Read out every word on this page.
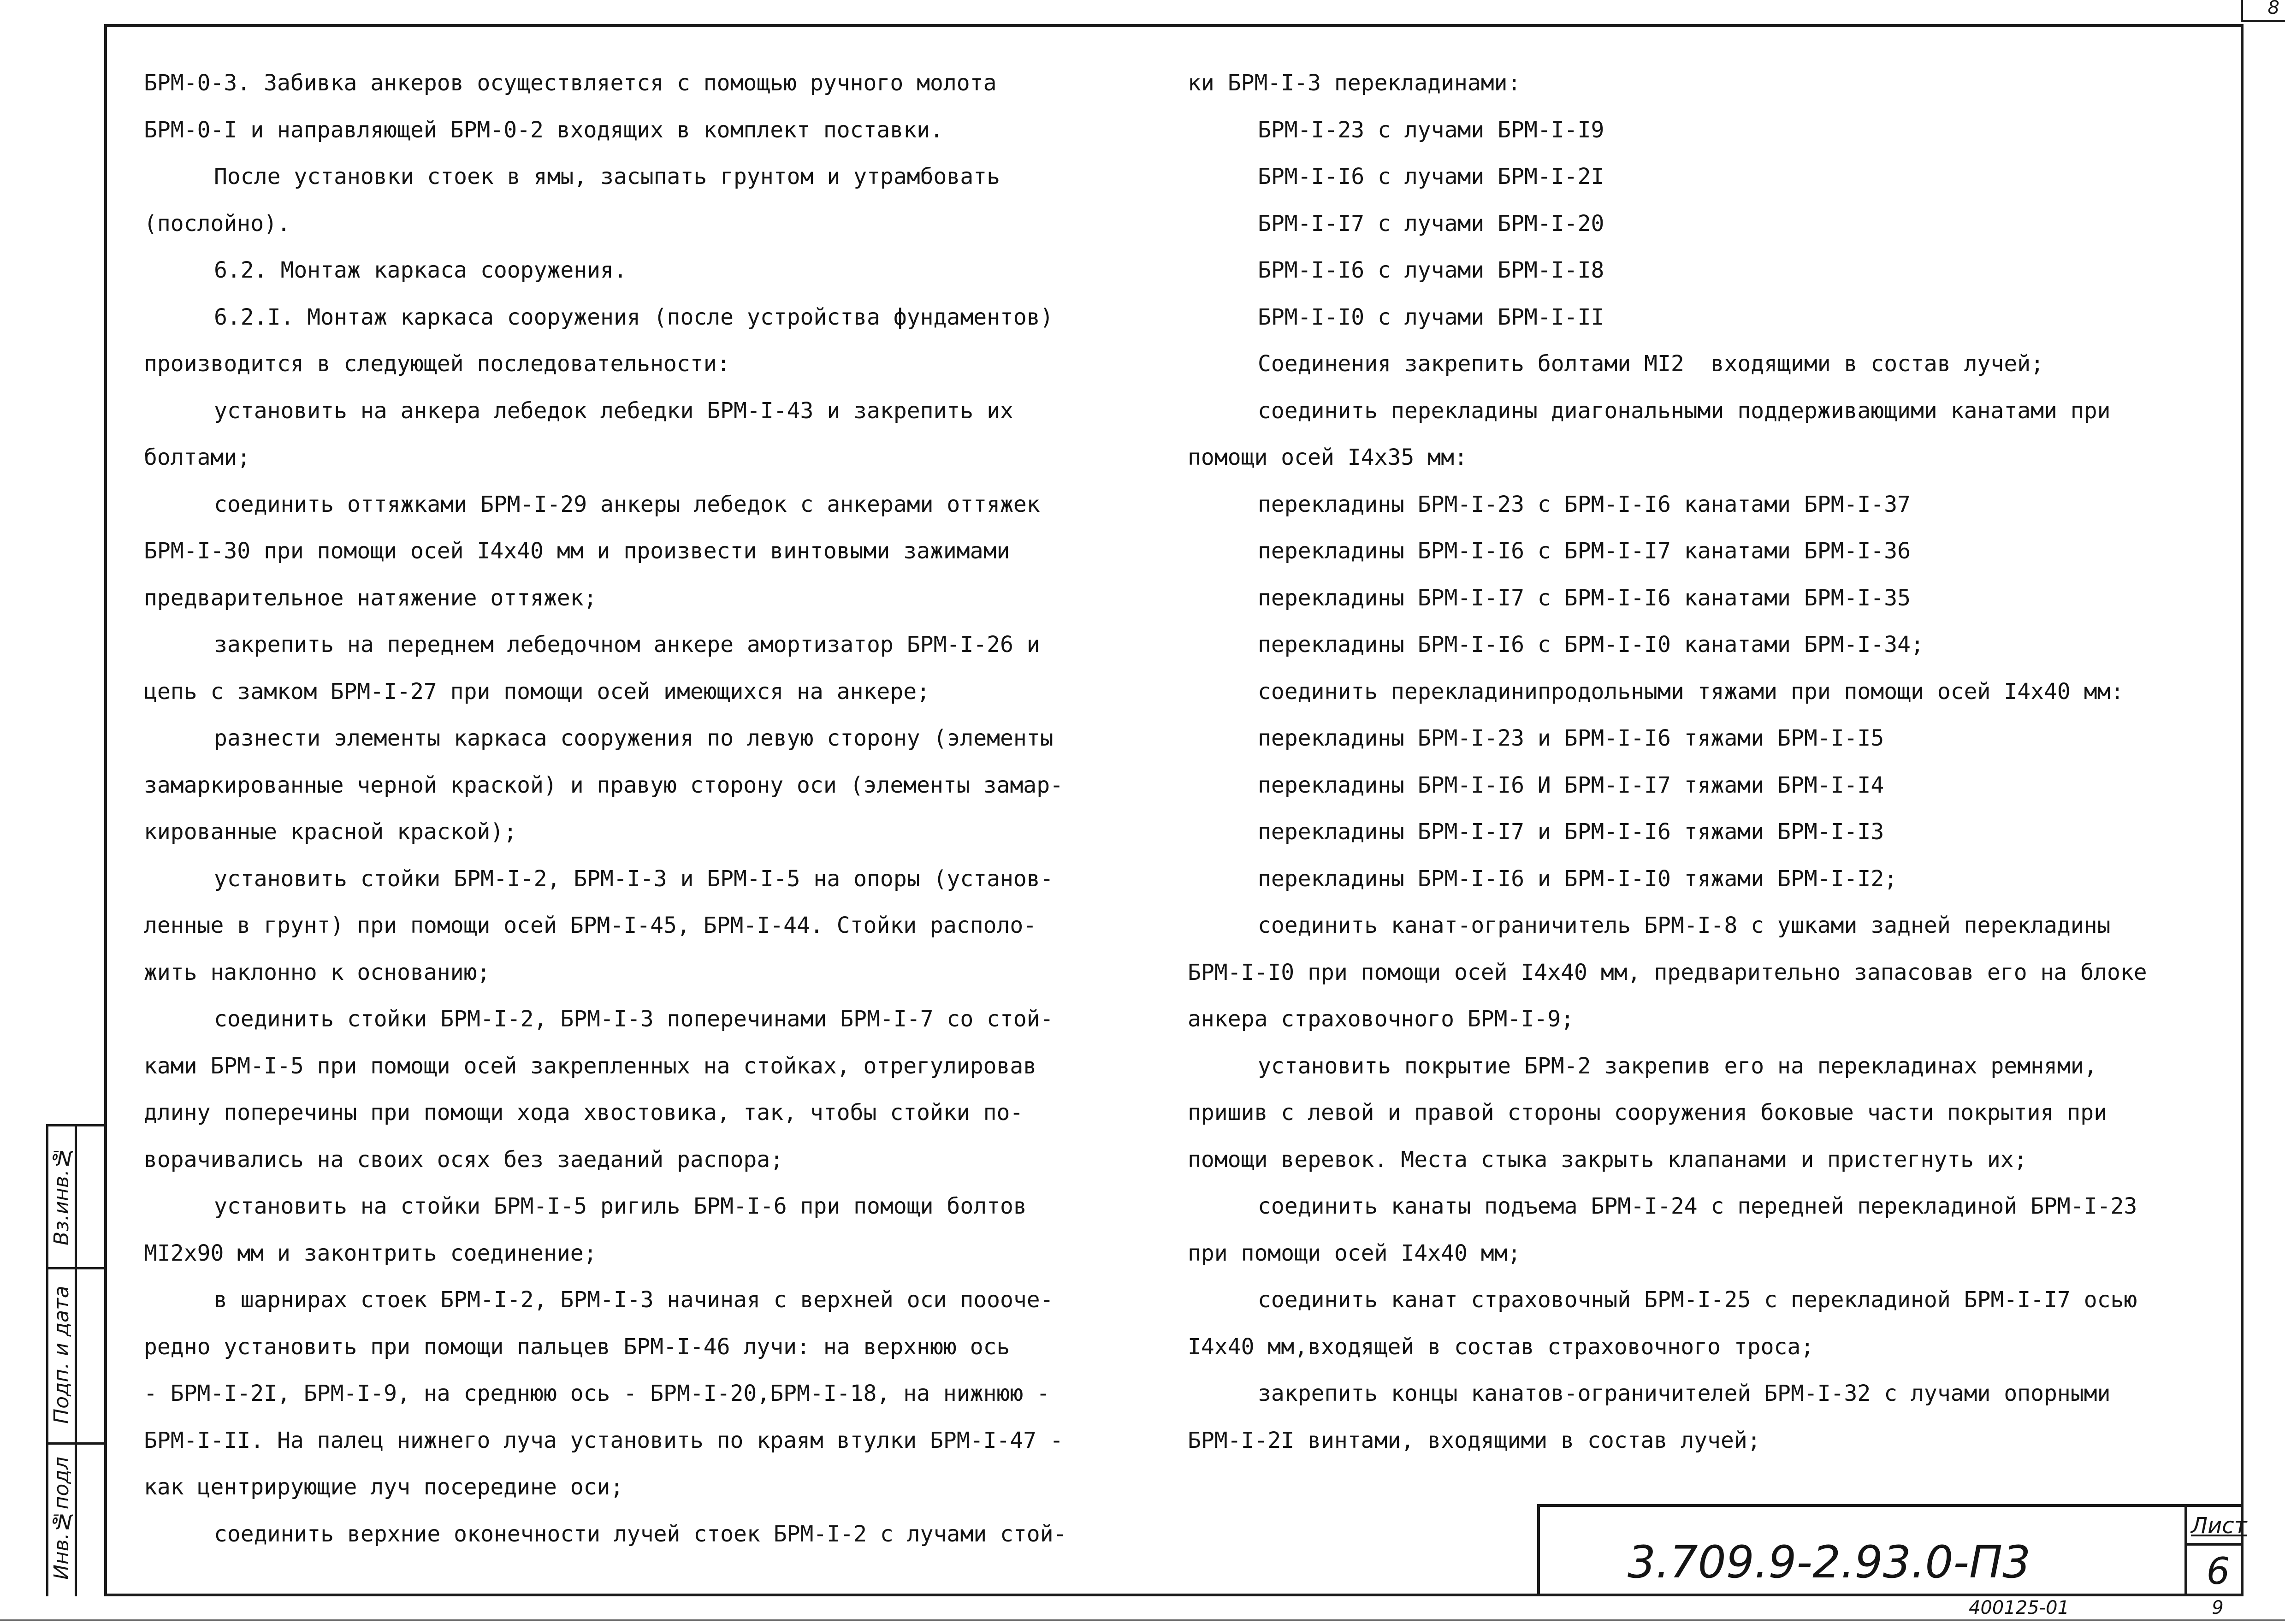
8
Инв.№подл
Подп. и дата
Вз.инв.№
БРМ-0-3. Забивка анкеров осуществляется с помощью ручного молота
БРМ-0-I и направляющей БРМ-0-2 входящих в комплект поставки.
После установки стоек в ямы, засыпать грунтом и утрамбовать
(послойно).
6.2. Монтаж каркаса сооружения.
6.2.I. Монтаж каркаса сооружения (после устройства фундаментов)
производится в следующей последовательности:
установить на анкера лебедок лебедки БРМ-I-43 и закрепить их
болтами;
соединить оттяжками БРМ-I-29 анкеры лебедок с анкерами оттяжек
БРМ-I-30 при помощи осей I4x40 мм и произвести винтовыми зажимами
предварительное натяжение оттяжек;
закрепить на переднем лебедочном анкере амортизатор БРМ-I-26 и
цепь с замком БРМ-I-27 при помощи осей имеющихся на анкере;
разнести элементы каркаса сооружения по левую сторону (элементы
замаркированные черной краской) и правую сторону оси (элементы замар-
кированные красной краской);
установить стойки БРМ-I-2, БРМ-I-3 и БРМ-I-5 на опоры (установ-
ленные в грунт) при помощи осей БРМ-I-45, БРМ-I-44. Стойки располо-
жить наклонно к основанию;
соединить стойки БРМ-I-2, БРМ-I-3 поперечинами БРМ-I-7 со стой-
ками БРМ-I-5 при помощи осей закрепленных на стойках, отрегулировав
длину поперечины при помощи хода хвостовика, так, чтобы стойки по-
ворачивались на своих осях без заеданий распора;
установить на стойки БРМ-I-5 ригиль БРМ-I-6 при помощи болтов
MI2x90 мм и законтрить соединение;
в шарнирах стоек БРМ-I-2, БРМ-I-3 начиная с верхней оси поооче-
редно установить при помощи пальцев БРМ-I-46 лучи: на верхнюю ось
- БРМ-I-2I, БРМ-I-9, на среднюю ось - БРМ-I-20,БРМ-I-18, на нижнюю -
БРМ-I-II. На палец нижнего луча установить по краям втулки БРМ-I-47 -
как центрирующие луч посередине оси;
соединить верхние оконечности лучей стоек БРМ-I-2 с лучами стой-
ки БРМ-I-3 перекладинами:
БРМ-I-23 с лучами БРМ-I-I9
БРМ-I-I6 с лучами БРМ-I-2I
БРМ-I-I7 с лучами БРМ-I-20
БРМ-I-I6 с лучами БРМ-I-I8
БРМ-I-I0 с лучами БРМ-I-II
Соединения закрепить болтами MI2  входящими в состав лучей;
соединить перекладины диагональными поддерживающими канатами при
помощи осей I4x35 мм:
перекладины БРМ-I-23 с БРМ-I-I6 канатами БРМ-I-37
перекладины БРМ-I-I6 с БРМ-I-I7 канатами БРМ-I-36
перекладины БРМ-I-I7 с БРМ-I-I6 канатами БРМ-I-35
перекладины БРМ-I-I6 с БРМ-I-I0 канатами БРМ-I-34;
соединить перекладинипродольными тяжами при помощи осей I4x40 мм:
перекладины БРМ-I-23 и БРМ-I-I6 тяжами БРМ-I-I5
перекладины БРМ-I-I6 И БРМ-I-I7 тяжами БРМ-I-I4
перекладины БРМ-I-I7 и БРМ-I-I6 тяжами БРМ-I-I3
перекладины БРМ-I-I6 и БРМ-I-I0 тяжами БРМ-I-I2;
соединить канат-ограничитель БРМ-I-8 с ушками задней перекладины
БРМ-I-I0 при помощи осей I4x40 мм, предварительно запасовав его на блоке
анкера страховочного БРМ-I-9;
установить покрытие БРМ-2 закрепив его на перекладинах ремнями,
пришив с левой и правой стороны сооружения боковые части покрытия при
помощи веревок. Места стыка закрыть клапанами и пристегнуть их;
соединить канаты подъема БРМ-I-24 с передней перекладиной БРМ-I-23
при помощи осей I4x40 мм;
соединить канат страховочный БРМ-I-25 с перекладиной БРМ-I-I7 осью
I4x40 мм,входящей в состав страховочного троса;
закрепить концы канатов-ограничителей БРМ-I-32 с лучами опорными
БРМ-I-2I винтами, входящими в состав лучей;
3.709.9-2.93.0-П3
Лист
6
400125-01	9
